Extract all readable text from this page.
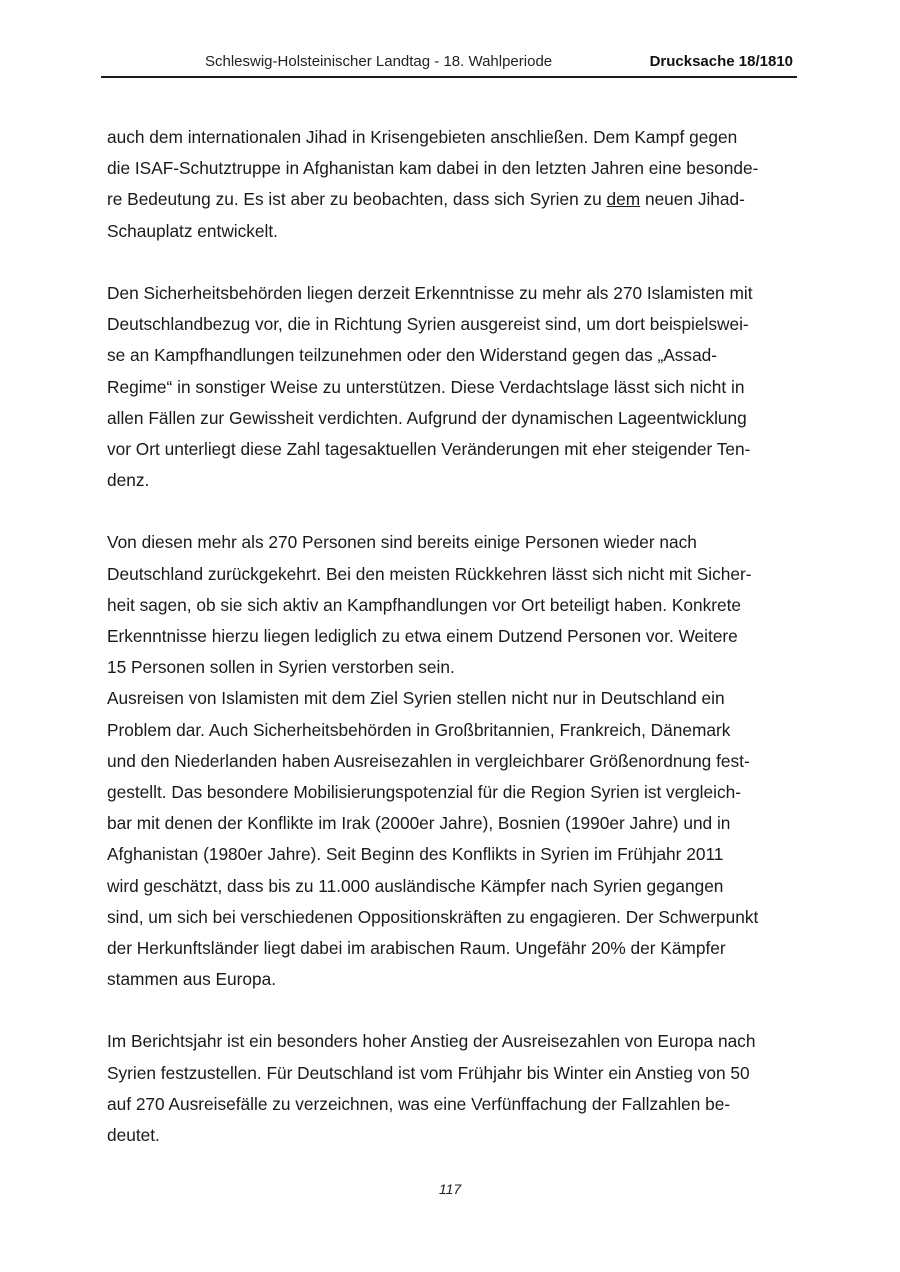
Schleswig-Holsteinischer Landtag - 18. Wahlperiode	Drucksache 18/1810
auch dem internationalen Jihad in Krisengebieten anschließen. Dem Kampf gegen
die ISAF-Schutztruppe in Afghanistan kam dabei in den letzten Jahren eine besonde-
re Bedeutung zu. Es ist aber zu beobachten, dass sich Syrien zu dem neuen Jihad-
Schauplatz entwickelt.
Den Sicherheitsbehörden liegen derzeit Erkenntnisse zu mehr als 270 Islamisten mit
Deutschlandbezug vor, die in Richtung Syrien ausgereist sind, um dort beispielswei-
se an Kampfhandlungen teilzunehmen oder den Widerstand gegen das „Assad-
Regime“ in sonstiger Weise zu unterstützen. Diese Verdachtslage lässt sich nicht in
allen Fällen zur Gewissheit verdichten. Aufgrund der dynamischen Lageentwicklung
vor Ort unterliegt diese Zahl tagesaktuellen Veränderungen mit eher steigender Ten-
denz.
Von diesen mehr als 270 Personen sind bereits einige Personen wieder nach
Deutschland zurückgekehrt. Bei den meisten Rückkehren lässt sich nicht mit Sicher-
heit sagen, ob sie sich aktiv an Kampfhandlungen vor Ort beteiligt haben. Konkrete
Erkenntnisse hierzu liegen lediglich zu etwa einem Dutzend Personen vor. Weitere
15 Personen sollen in Syrien verstorben sein.
Ausreisen von Islamisten mit dem Ziel Syrien stellen nicht nur in Deutschland ein
Problem dar. Auch Sicherheitsbehörden in Großbritannien, Frankreich, Dänemark
und den Niederlanden haben Ausreisezahlen in vergleichbarer Größenordnung fest-
gestellt. Das besondere Mobilisierungspotenzial für die Region Syrien ist vergleich-
bar mit denen der Konflikte im Irak (2000er Jahre), Bosnien (1990er Jahre) und in
Afghanistan (1980er Jahre). Seit Beginn des Konflikts in Syrien im Frühjahr 2011
wird geschätzt, dass bis zu 11.000 ausländische Kämpfer nach Syrien gegangen
sind, um sich bei verschiedenen Oppositionskräften zu engagieren. Der Schwerpunkt
der Herkunftsländer liegt dabei im arabischen Raum. Ungefähr 20% der Kämpfer
stammen aus Europa.
Im Berichtsjahr ist ein besonders hoher Anstieg der Ausreisezahlen von Europa nach
Syrien festzustellen. Für Deutschland ist vom Frühjahr bis Winter ein Anstieg von 50
auf 270 Ausreisefälle zu verzeichnen, was eine Verfünffachung der Fallzahlen be-
deutet.
117
